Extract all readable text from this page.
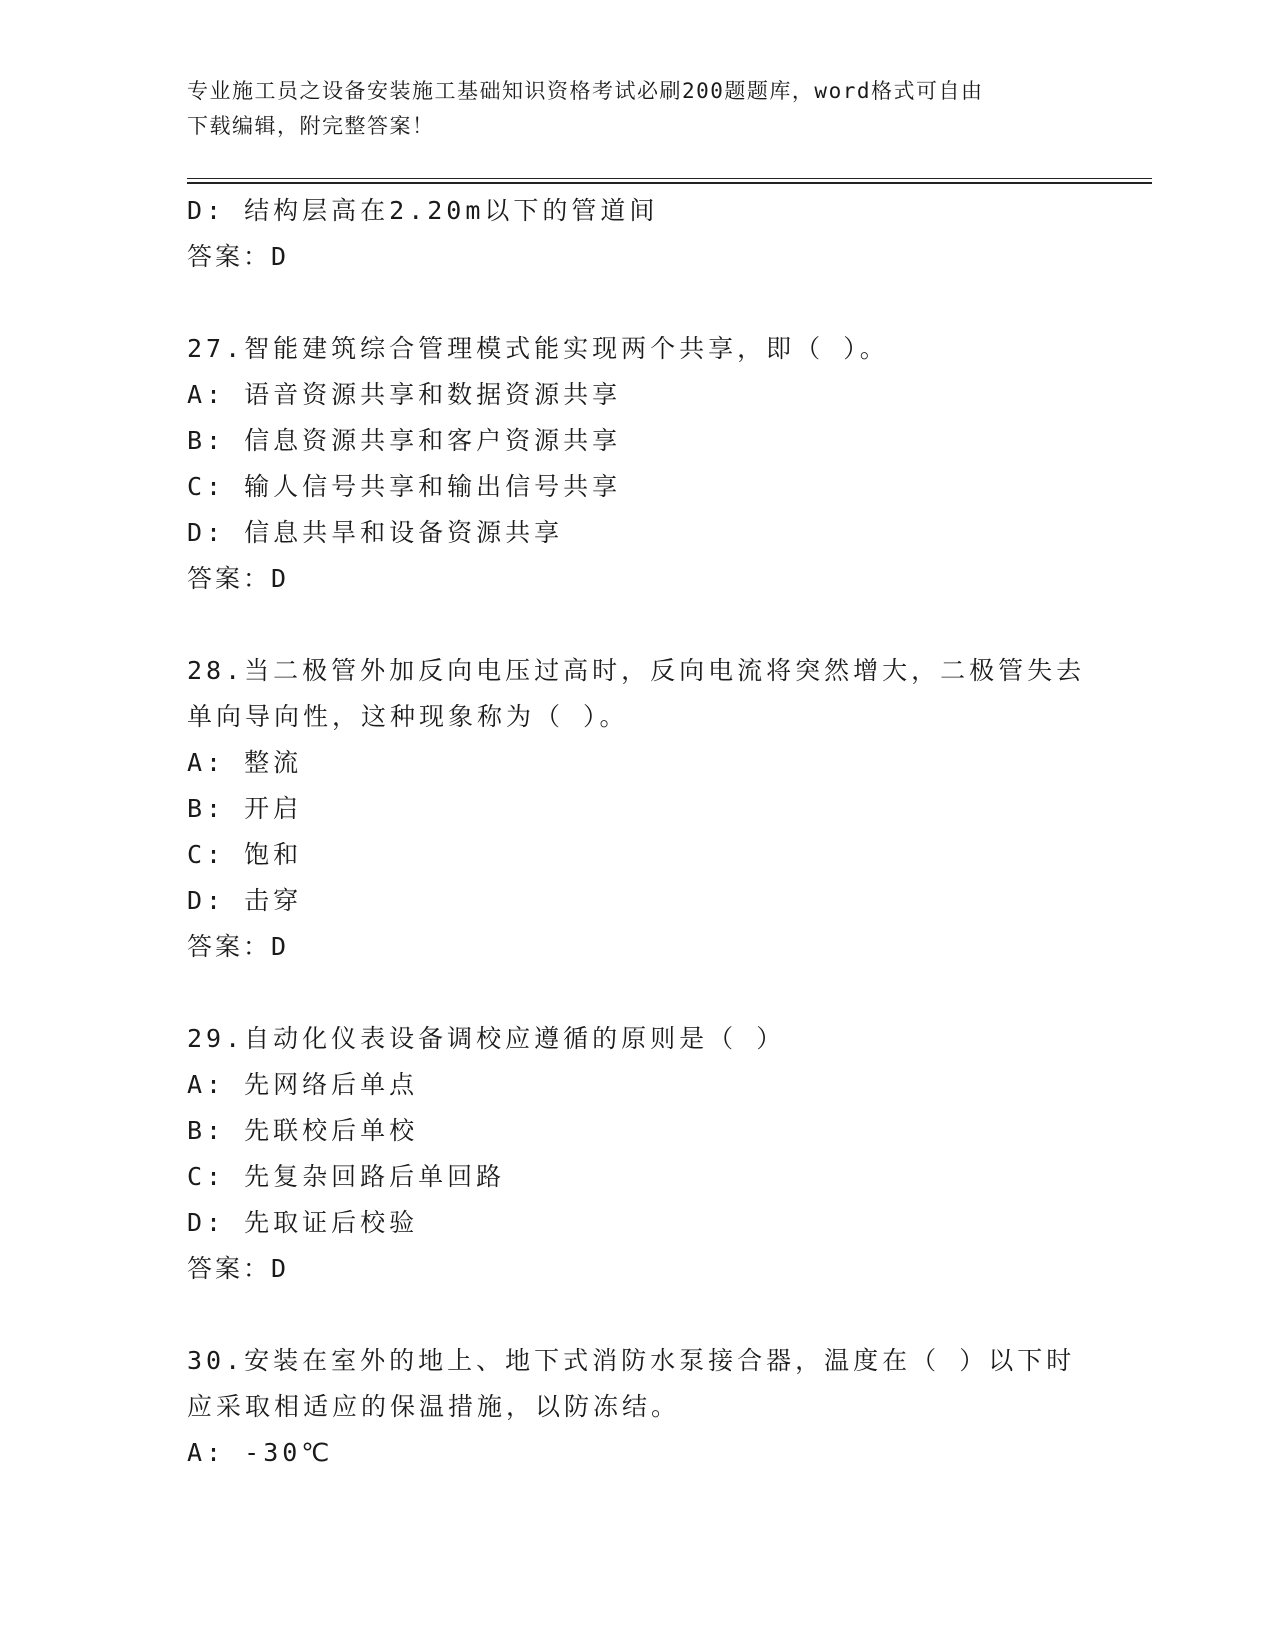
专业施工员之设备安装施工基础知识资格考试必刷200题题库，word格式可自由
下载编辑，附完整答案！
D: 结构层高在2.20m以下的管道间
答案：D
27.智能建筑综合管理模式能实现两个共享，即（ ）。
A: 语音资源共享和数据资源共享
B: 信息资源共享和客户资源共享
C: 输人信号共享和输出信号共享
D: 信息共旱和设备资源共享
答案：D
28.当二极管外加反向电压过高时，反向电流将突然增大，二极管失去
单向导向性，这种现象称为（ ）。
A: 整流
B: 开启
C: 饱和
D: 击穿
答案：D
29.自动化仪表设备调校应遵循的原则是（ ）
A: 先网络后单点
B: 先联校后单校
C: 先复杂回路后单回路
D: 先取证后校验
答案：D
30.安装在室外的地上、地下式消防水泵接合器，温度在（ ）以下时
应采取相适应的保温措施，以防冻结。
A: -30℃
